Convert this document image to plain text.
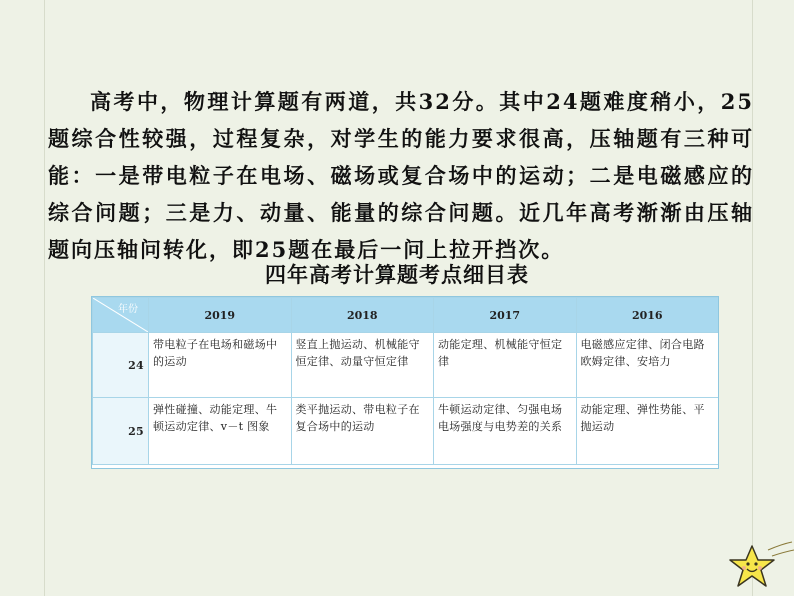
高考中，物理计算题有两道，共32分。其中24题难度稍小，25题综合性较强，过程复杂，对学生的能力要求很高，压轴题有三种可能：一是带电粒子在电场、磁场或复合场中的运动；二是电磁感应的综合问题；三是力、动量、能量的综合问题。近几年高考渐渐由压轴题向压轴问转化，即25题在最后一问上拉开挡次。

四年高考计算题考点细目表
年份	2019	2018	2017	2016
24	带电粒子在电场和磁场中的运动	竖直上抛运动、机械能守恒定律、动量守恒定律	动能定理、机械能守恒定律	电磁感应定律、闭合电路欧姆定律、安培力
25	弹性碰撞、动能定理、牛顿运动定律、v－t 图象	类平抛运动、带电粒子在复合场中的运动	牛顿运动定律、匀强电场电场强度与电势差的关系	动能定理、弹性势能、平抛运动
